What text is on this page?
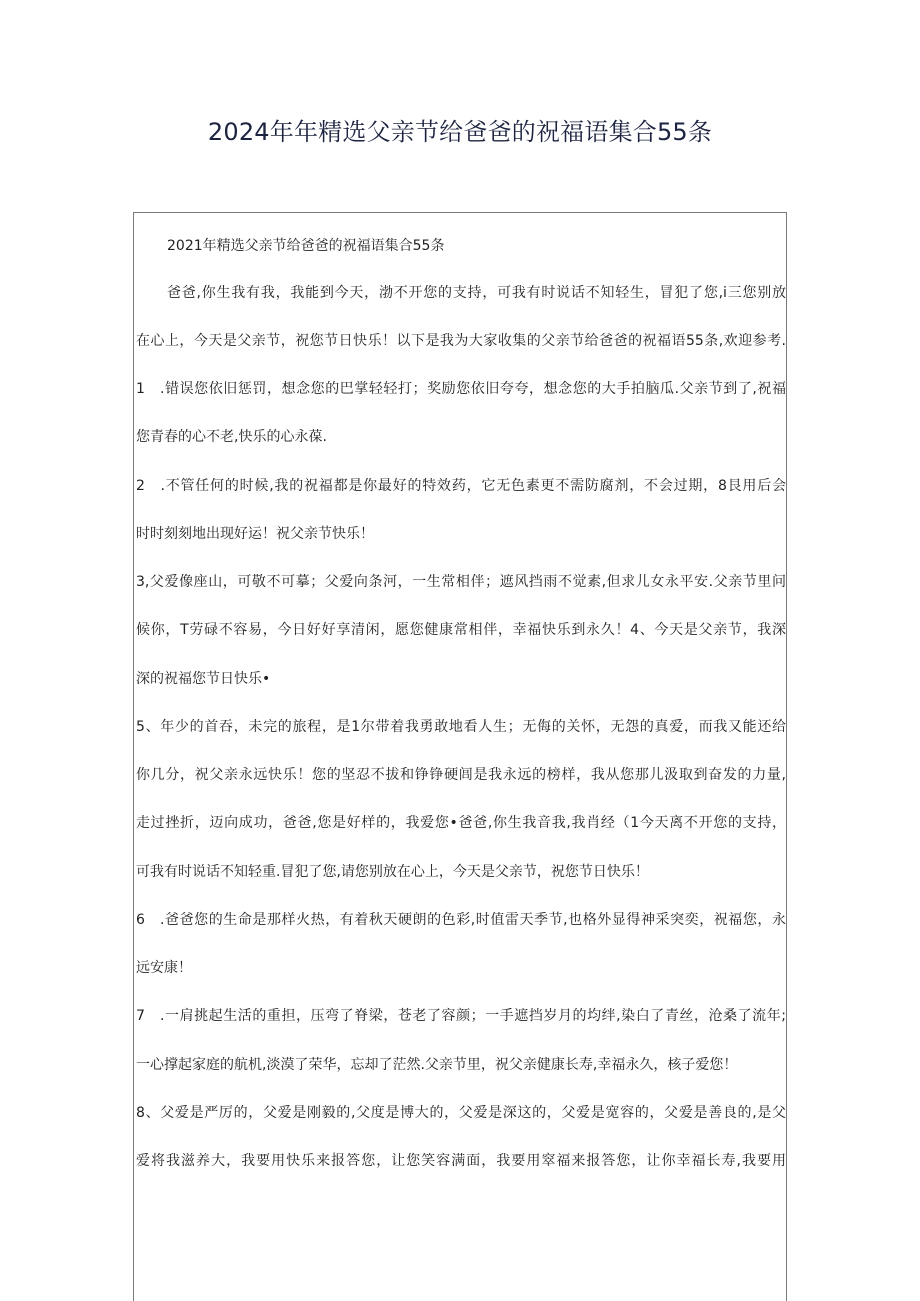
2024年年精选父亲节给爸爸的祝福语集合55条
2021年精选父亲节给爸爸的祝福语集合55条
爸爸,你生我有我，我能到今天，渤不开您的支持，可我有时说话不知轻生，冒犯了您,i三您别放
在心上，今天是父亲节，祝您节日快乐！以下是我为大家收集的父亲节给爸爸的祝福语55条,欢迎参考.
1　.错误您依旧惩罚，想念您的巴掌轻轻打；奖励您依旧夸夸，想念您的大手拍脑瓜.父亲节到了,祝福
您青春的心不老,快乐的心永葆.
2　.不管任何的时候,我的祝福都是你最好的特效药，它无色素更不需防腐剂，不会过期，8艮用后会
时时刻刻地出现好运！祝父亲节快乐！
3,父爱像座山，可敬不可摹；父爱向条河，一生常相伴；遮风挡雨不觉素,但求儿女永平安.父亲节里问
候你，T劳碌不容易，今日好好享清闲，愿您健康常相伴，幸福快乐到永久！4、今天是父亲节，我深
深的祝福您节日快乐•
5、年少的首吞，未完的旅程，是1尔带着我勇敢地看人生；无侮的关怀，无怨的真爱，而我又能还给
你几分，祝父亲永远快乐！您的坚忍不拔和铮铮硬闾是我永远的榜样，我从您那儿汲取到奋发的力量,
走过挫折，迈向成功，爸爸,您是好样的，我爱您•爸爸,你生我音我,我肖经（1今天离不开您的支持，
可我有时说话不知轻重.冒犯了您,请您别放在心上，今天是父亲节，祝您节日快乐！
6　.爸爸您的生命是那样火热，有着秋天硬朗的色彩,时值雷天季节,也格外显得神采突奕，祝福您，永
远安康！
7　.一肩挑起生活的重担，压弯了脊梁，苍老了容颜；一手遮挡岁月的均绊,染白了青丝，沧桑了流年;
一心撑起家庭的航机,淡漠了荣华，忘却了茫然.父亲节里，祝父亲健康长寿,幸福永久，核子爱您！
8、父爱是严厉的，父爱是刚毅的,父度是博大的，父爱是深这的，父爱是宽容的，父爱是善良的,是父
爱将我滋养大，我要用快乐来报答您，让您笑容满面，我要用窣福来报答您，让你幸福长寿,我要用
